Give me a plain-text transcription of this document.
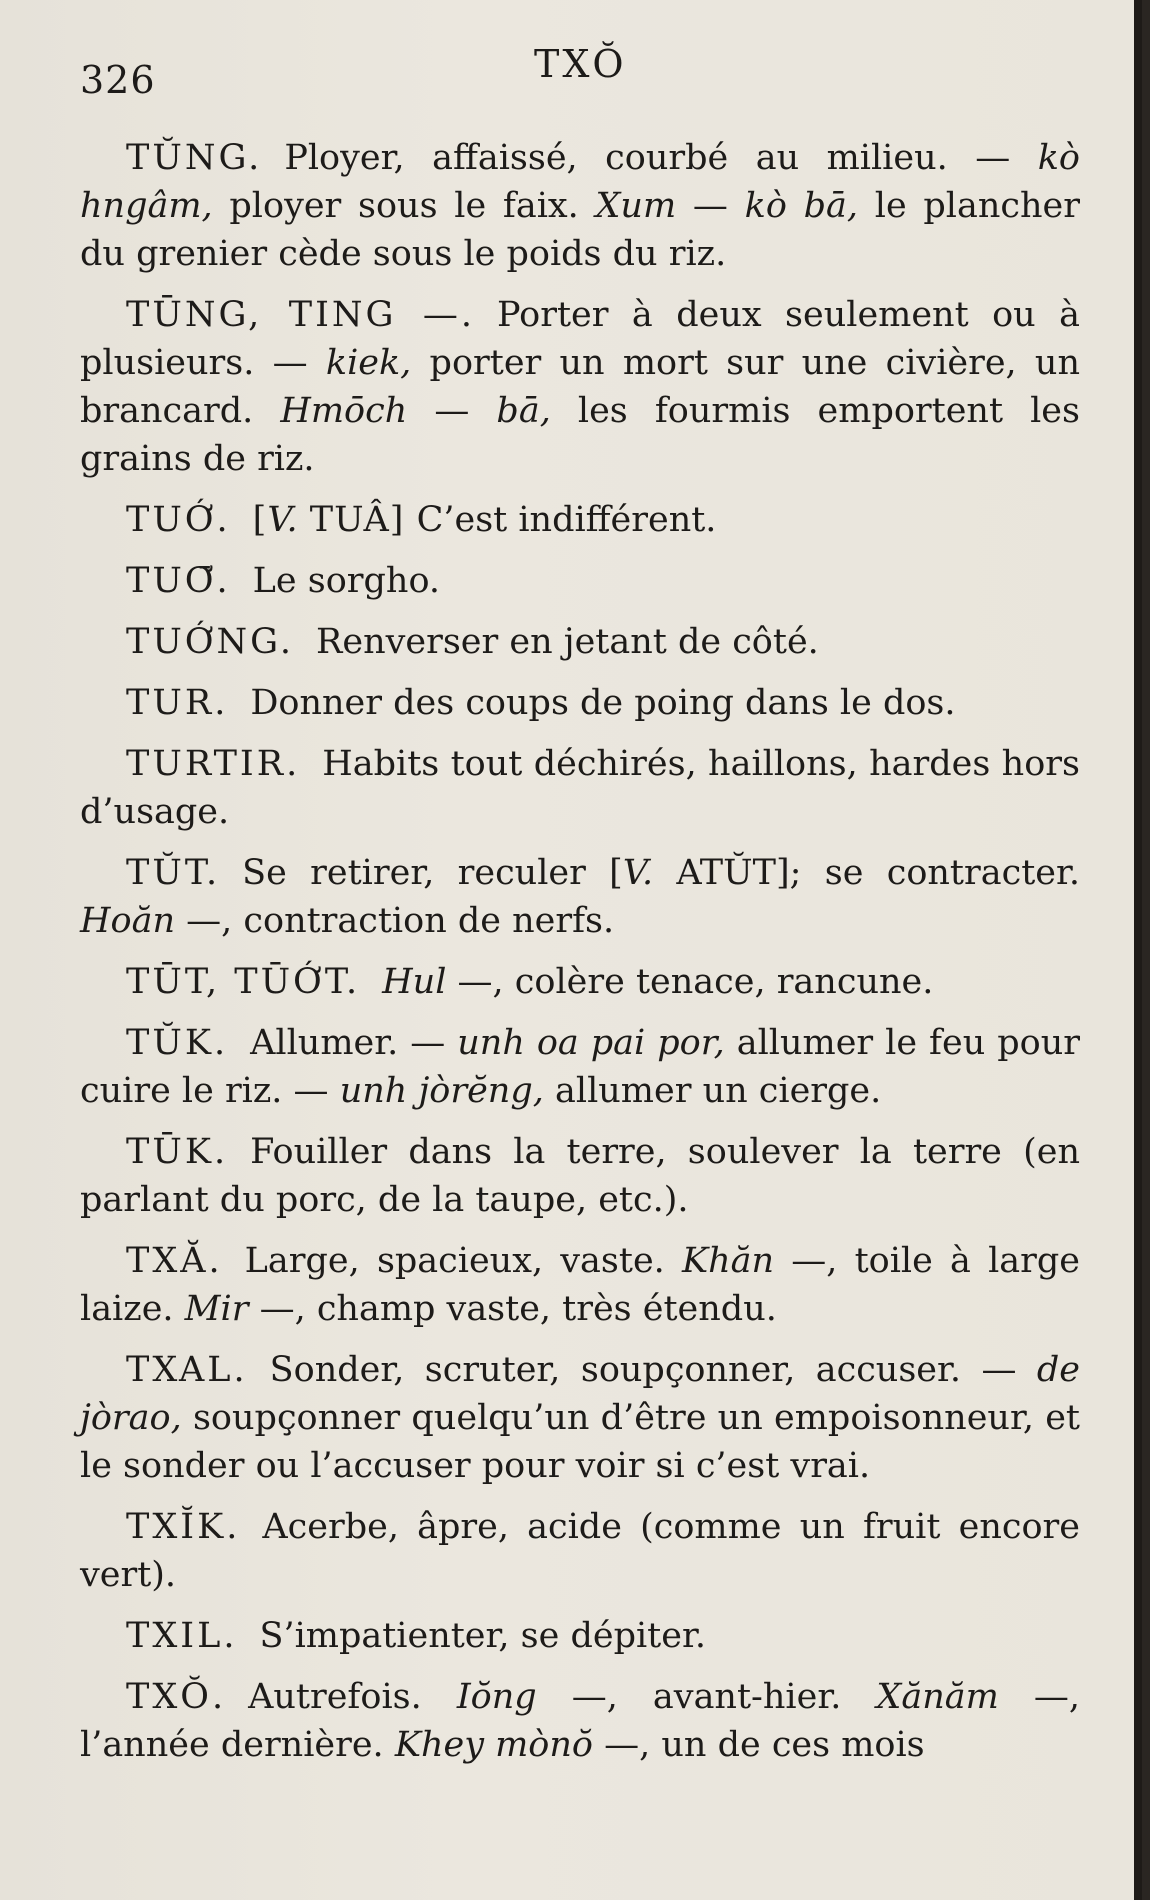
326	TXŎ

TŬNG. Ployer, affaissé, courbé au milieu. — kò hngâm, ployer sous le faix. Xum — kò bā, le plancher du grenier cède sous le poids du riz.

TŪNG, TING —. Porter à deux seulement ou à plusieurs. — kiek, porter un mort sur une civière, un brancard. Hmōch — bā, les fourmis emportent les grains de riz.

TUỚ. [V. TUÂ] C’est indifférent.

TUƠ̄. Le sorgho.

TUỚNG. Renverser en jetant de côté.

TUR. Donner des coups de poing dans le dos.

TURTIR. Habits tout déchirés, haillons, hardes hors d’usage.

TŬT. Se retirer, reculer [V. ATŬT]; se contracter. Hoăn —, contraction de nerfs.

TŪT, TŪỚT. Hul —, colère tenace, rancune.

TŬK. Allumer. — unh oa pai por, allumer le feu pour cuire le riz. — unh jòrĕng, allumer un cierge.

TŪK. Fouiller dans la terre, soulever la terre (en parlant du porc, de la taupe, etc.).

TXĂ. Large, spacieux, vaste. Khăn —, toile à large laize. Mir —, champ vaste, très étendu.

TXAL. Sonder, scruter, soupçonner, accuser. — de jòrao, soupçonner quelqu’un d’être un empoisonneur, et le sonder ou l’accuser pour voir si c’est vrai.

TXĬK. Acerbe, âpre, acide (comme un fruit encore vert).

TXIL. S’impatienter, se dépiter.

TXŎ. Autrefois. Iŏng —, avant-hier. Xănăm —, l’année dernière. Khey mònŏ —, un de ces mois
